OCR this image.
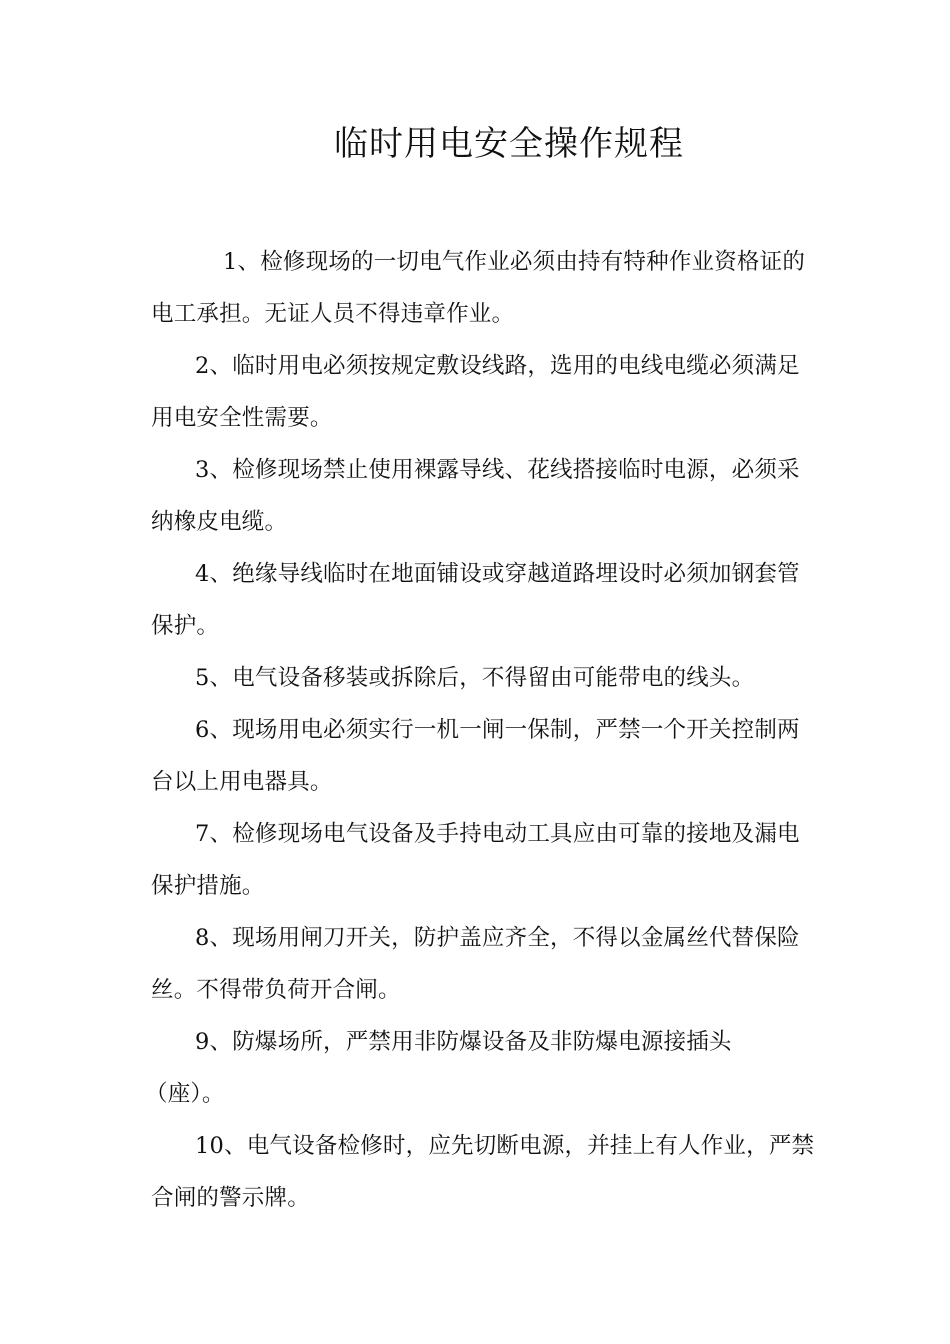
临时用电安全操作规程
1、检修现场的一切电气作业必须由持有特种作业资格证的
电工承担。无证人员不得违章作业。
2、临时用电必须按规定敷设线路，选用的电线电缆必须满足
用电安全性需要。
3、检修现场禁止使用裸露导线、花线搭接临时电源，必须采
纳橡皮电缆。
4、绝缘导线临时在地面铺设或穿越道路埋设时必须加钢套管
保护。
5、电气设备移装或拆除后，不得留由可能带电的线头。
6、现场用电必须实行一机一闸一保制，严禁一个开关控制两
台以上用电器具。
7、检修现场电气设备及手持电动工具应由可靠的接地及漏电
保护措施。
8、现场用闸刀开关，防护盖应齐全，不得以金属丝代替保险
丝。不得带负荷开合闸。
9、防爆场所，严禁用非防爆设备及非防爆电源接插头
（座）。
10、电气设备检修时，应先切断电源，并挂上有人作业，严禁
合闸的警示牌。
